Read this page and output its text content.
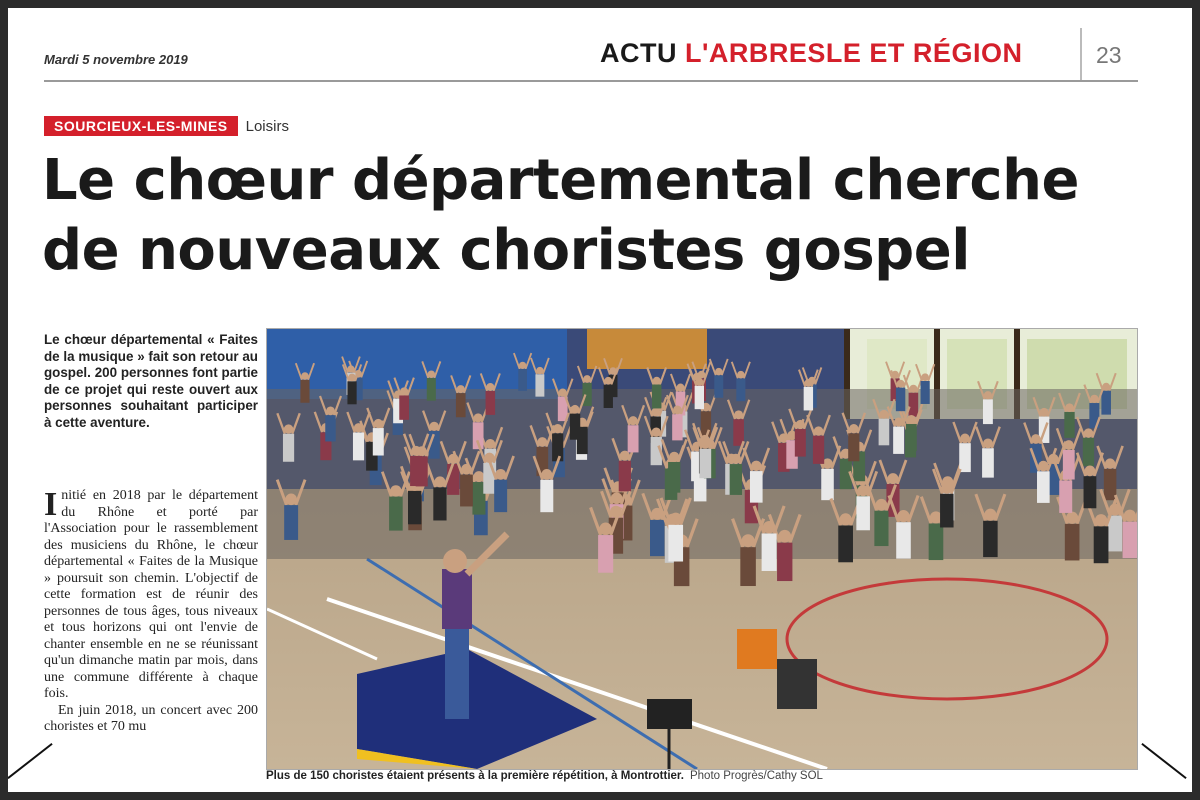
Mardi 5 novembre 2019	ACTU L'ARBRESLE ET RÉGION	23
SOURCIEUX-LES-MINES	Loisirs
Le chœur départemental cherche de nouveaux choristes gospel

Le chœur départemental « Faites de la musique » fait son retour au gospel. 200 personnes font partie de ce projet qui reste ouvert aux personnes souhaitant participer à cette aventure.

Initié en 2018 par le département du Rhône et porté par l'Association pour le rassemblement des musiciens du Rhône, le chœur départemental « Faites de la Musique » poursuit son chemin. L'objectif de cette formation est de réunir des personnes de tous âges, tous niveaux et tous horizons qui ont l'envie de chanter ensemble en ne se réunissant qu'un dimanche matin par mois, dans une commune différente à chaque fois.
En juin 2018, un concert avec 200 choristes et 70 mu
Plus de 150 choristes étaient présents à la première répétition, à Montrottier. Photo Progrès/Cathy SOL
